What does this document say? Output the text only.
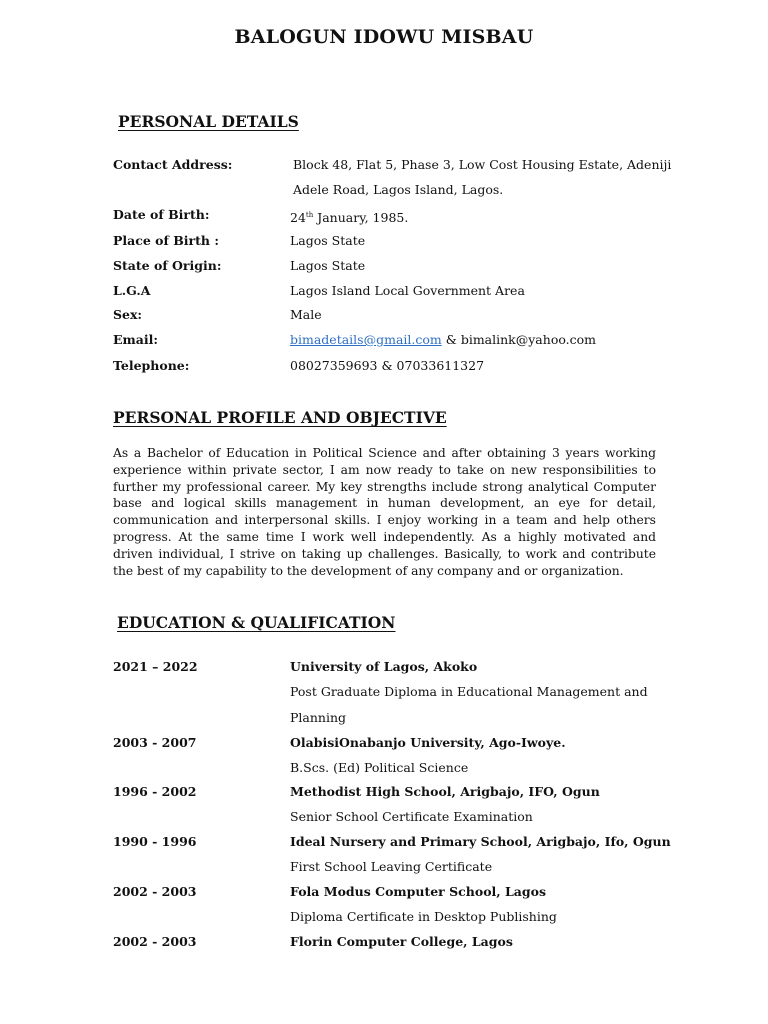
BALOGUN IDOWU MISBAU
PERSONAL DETAILS
Contact Address:	Block 48, Flat 5, Phase 3, Low Cost Housing Estate, Adeniji
Adele Road, Lagos Island, Lagos.
Date of Birth:	24th January, 1985.
Place of Birth :	Lagos State
State of Origin:	Lagos State
L.G.A	Lagos Island Local Government Area
Sex:	Male
Email:	bimadetails@gmail.com & bimalink@yahoo.com
Telephone:	08027359693 & 07033611327
PERSONAL PROFILE AND OBJECTIVE

As a Bachelor of Education in Political Science and after obtaining 3 years working experience within private sector, I am now ready to take on new responsibilities to further my professional career. My key strengths include strong analytical Computer base and logical skills management in human development, an eye for detail, communication and interpersonal skills. I enjoy working in a team and help others progress. At the same time I work well independently. As a highly motivated and driven individual, I strive on taking up challenges. Basically, to work and contribute the best of my capability to the development of any company and or organization.

EDUCATION & QUALIFICATION
2021 – 2022	University of Lagos, Akoko
Post Graduate Diploma in Educational Management and
Planning
2003 - 2007	OlabisiOnabanjo University, Ago-Iwoye.
B.Scs. (Ed) Political Science
1996 - 2002	Methodist High School, Arigbajo, IFO, Ogun
Senior School Certificate Examination
1990 - 1996	Ideal Nursery and Primary School, Arigbajo, Ifo, Ogun
First School Leaving Certificate
2002 - 2003	Fola Modus Computer School, Lagos
Diploma Certificate in Desktop Publishing
2002 - 2003	Florin Computer College, Lagos
